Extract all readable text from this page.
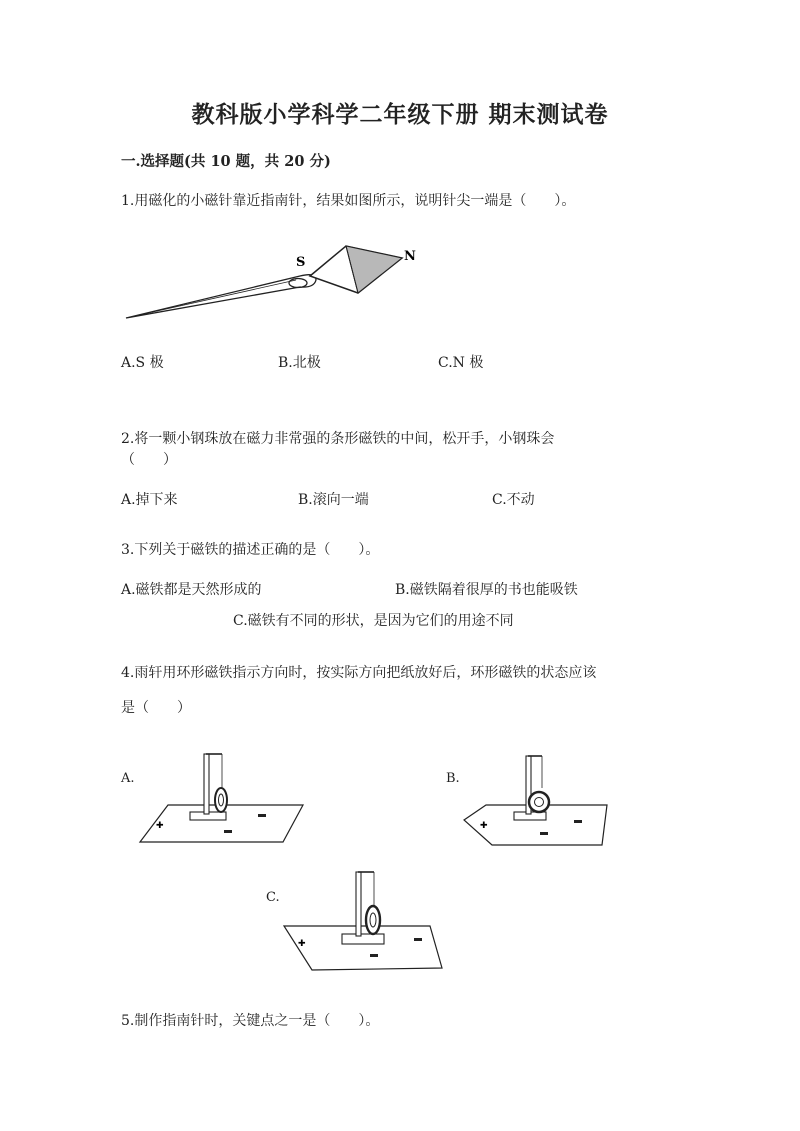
教科版小学科学二年级下册 期末测试卷
一.选择题(共 10 题，共 20 分)
1.用磁化的小磁针靠近指南针，结果如图所示，说明针尖一端是（　　）。
S	N
A.S 极	B.北极	C.N 极
2.将一颗小钢珠放在磁力非常强的条形磁铁的中间，松开手，小钢珠会
（　　）
A.掉下来	B.滚向一端	C.不动
3.下列关于磁铁的描述正确的是（　　）。
A.磁铁都是天然形成的	B.磁铁隔着很厚的书也能吸铁
C.磁铁有不同的形状，是因为它们的用途不同
4.雨轩用环形磁铁指示方向时，按实际方向把纸放好后，环形磁铁的状态应该
是（　　）
A.
✚
B.
✚
C.
✚
5.制作指南针时，关键点之一是（　　）。
